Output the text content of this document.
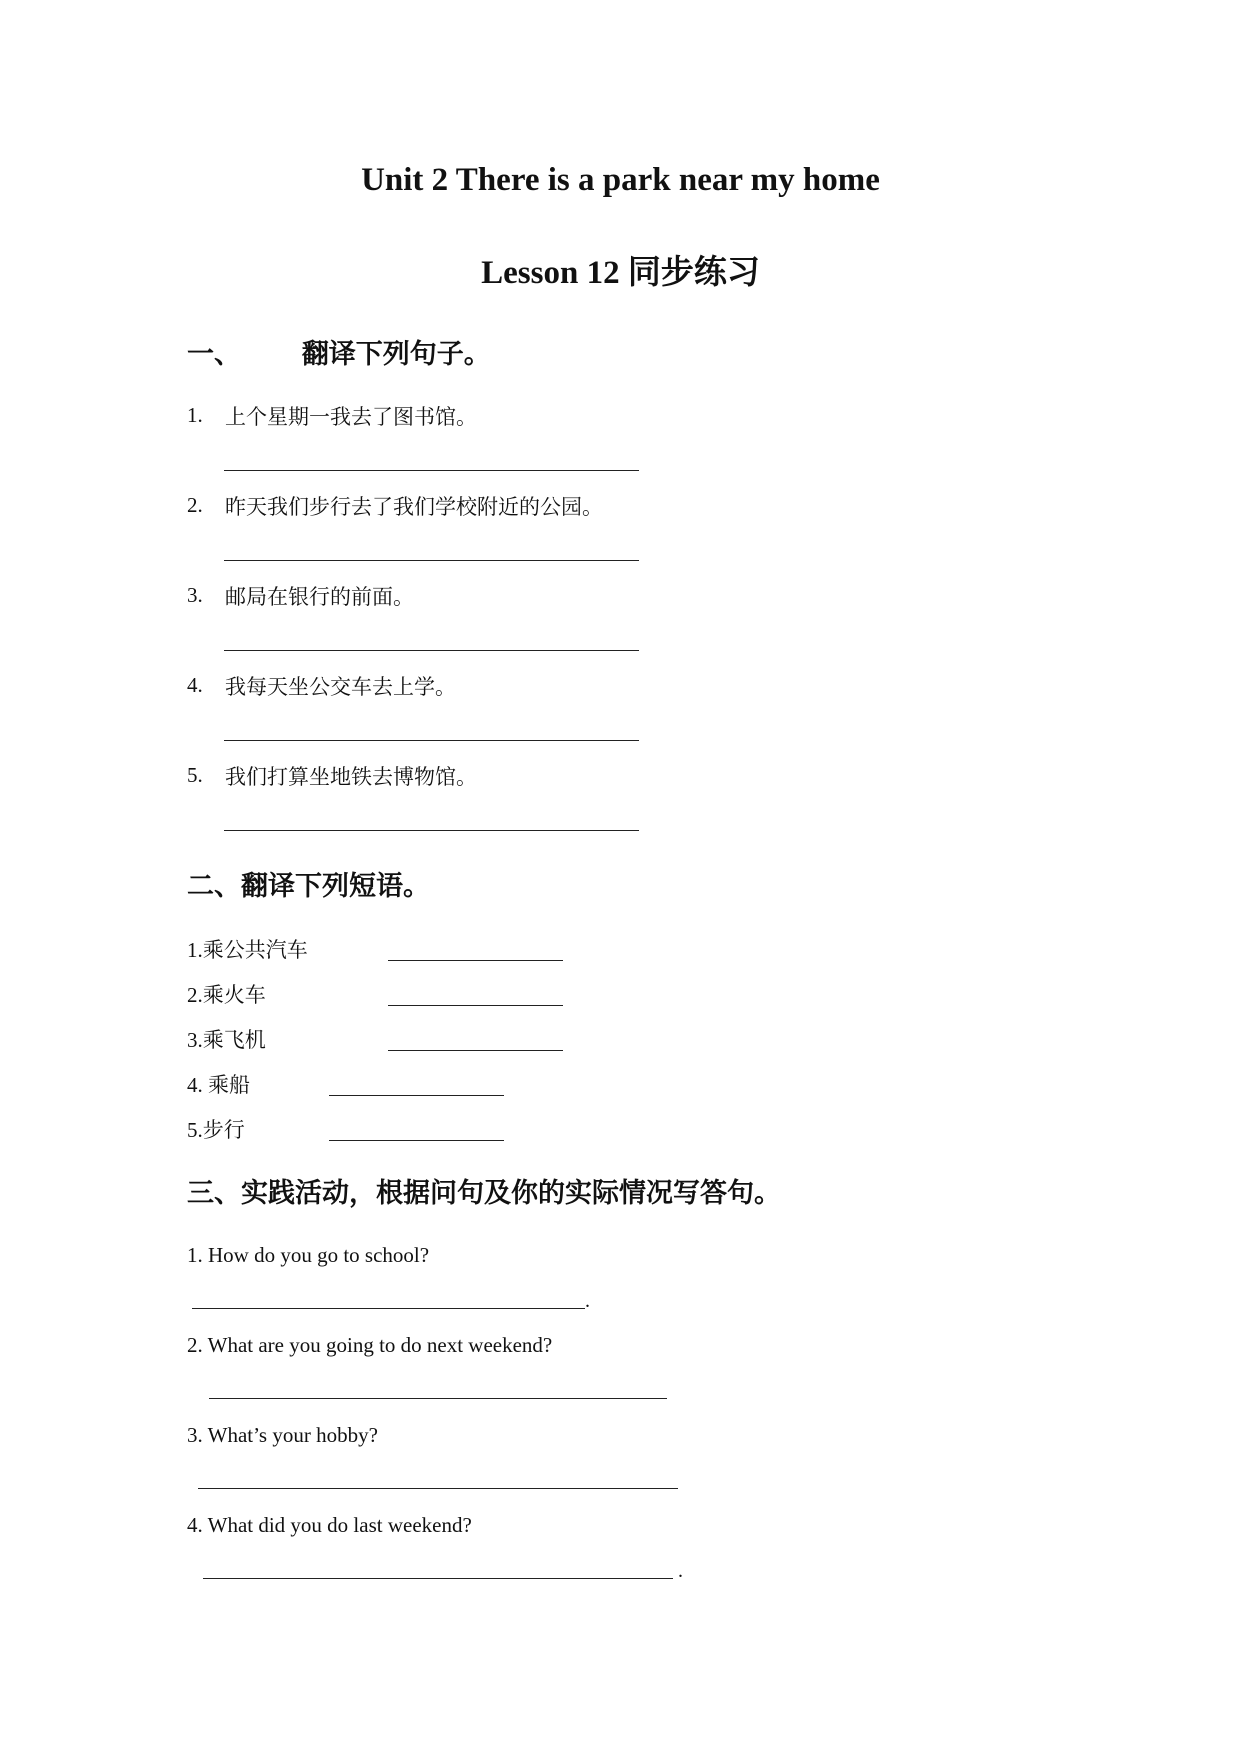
Unit 2 There is a park near my home
Lesson 12 同步练习
一、 翻译下列句子。
1. 上个星期一我去了图书馆。
2. 昨天我们步行去了我们学校附近的公园。
3. 邮局在银行的前面。
4. 我每天坐公交车去上学。
5. 我们打算坐地铁去博物馆。
二、翻译下列短语。
1.乘公共汽车
2.乘火车
3.乘飞机
4. 乘船
5.步行
三、实践活动，根据问句及你的实际情况写答句。
1. How do you go to school?
.
2. What are you going to do next weekend?
3. What’s your hobby?
4. What did you do last weekend?
.
